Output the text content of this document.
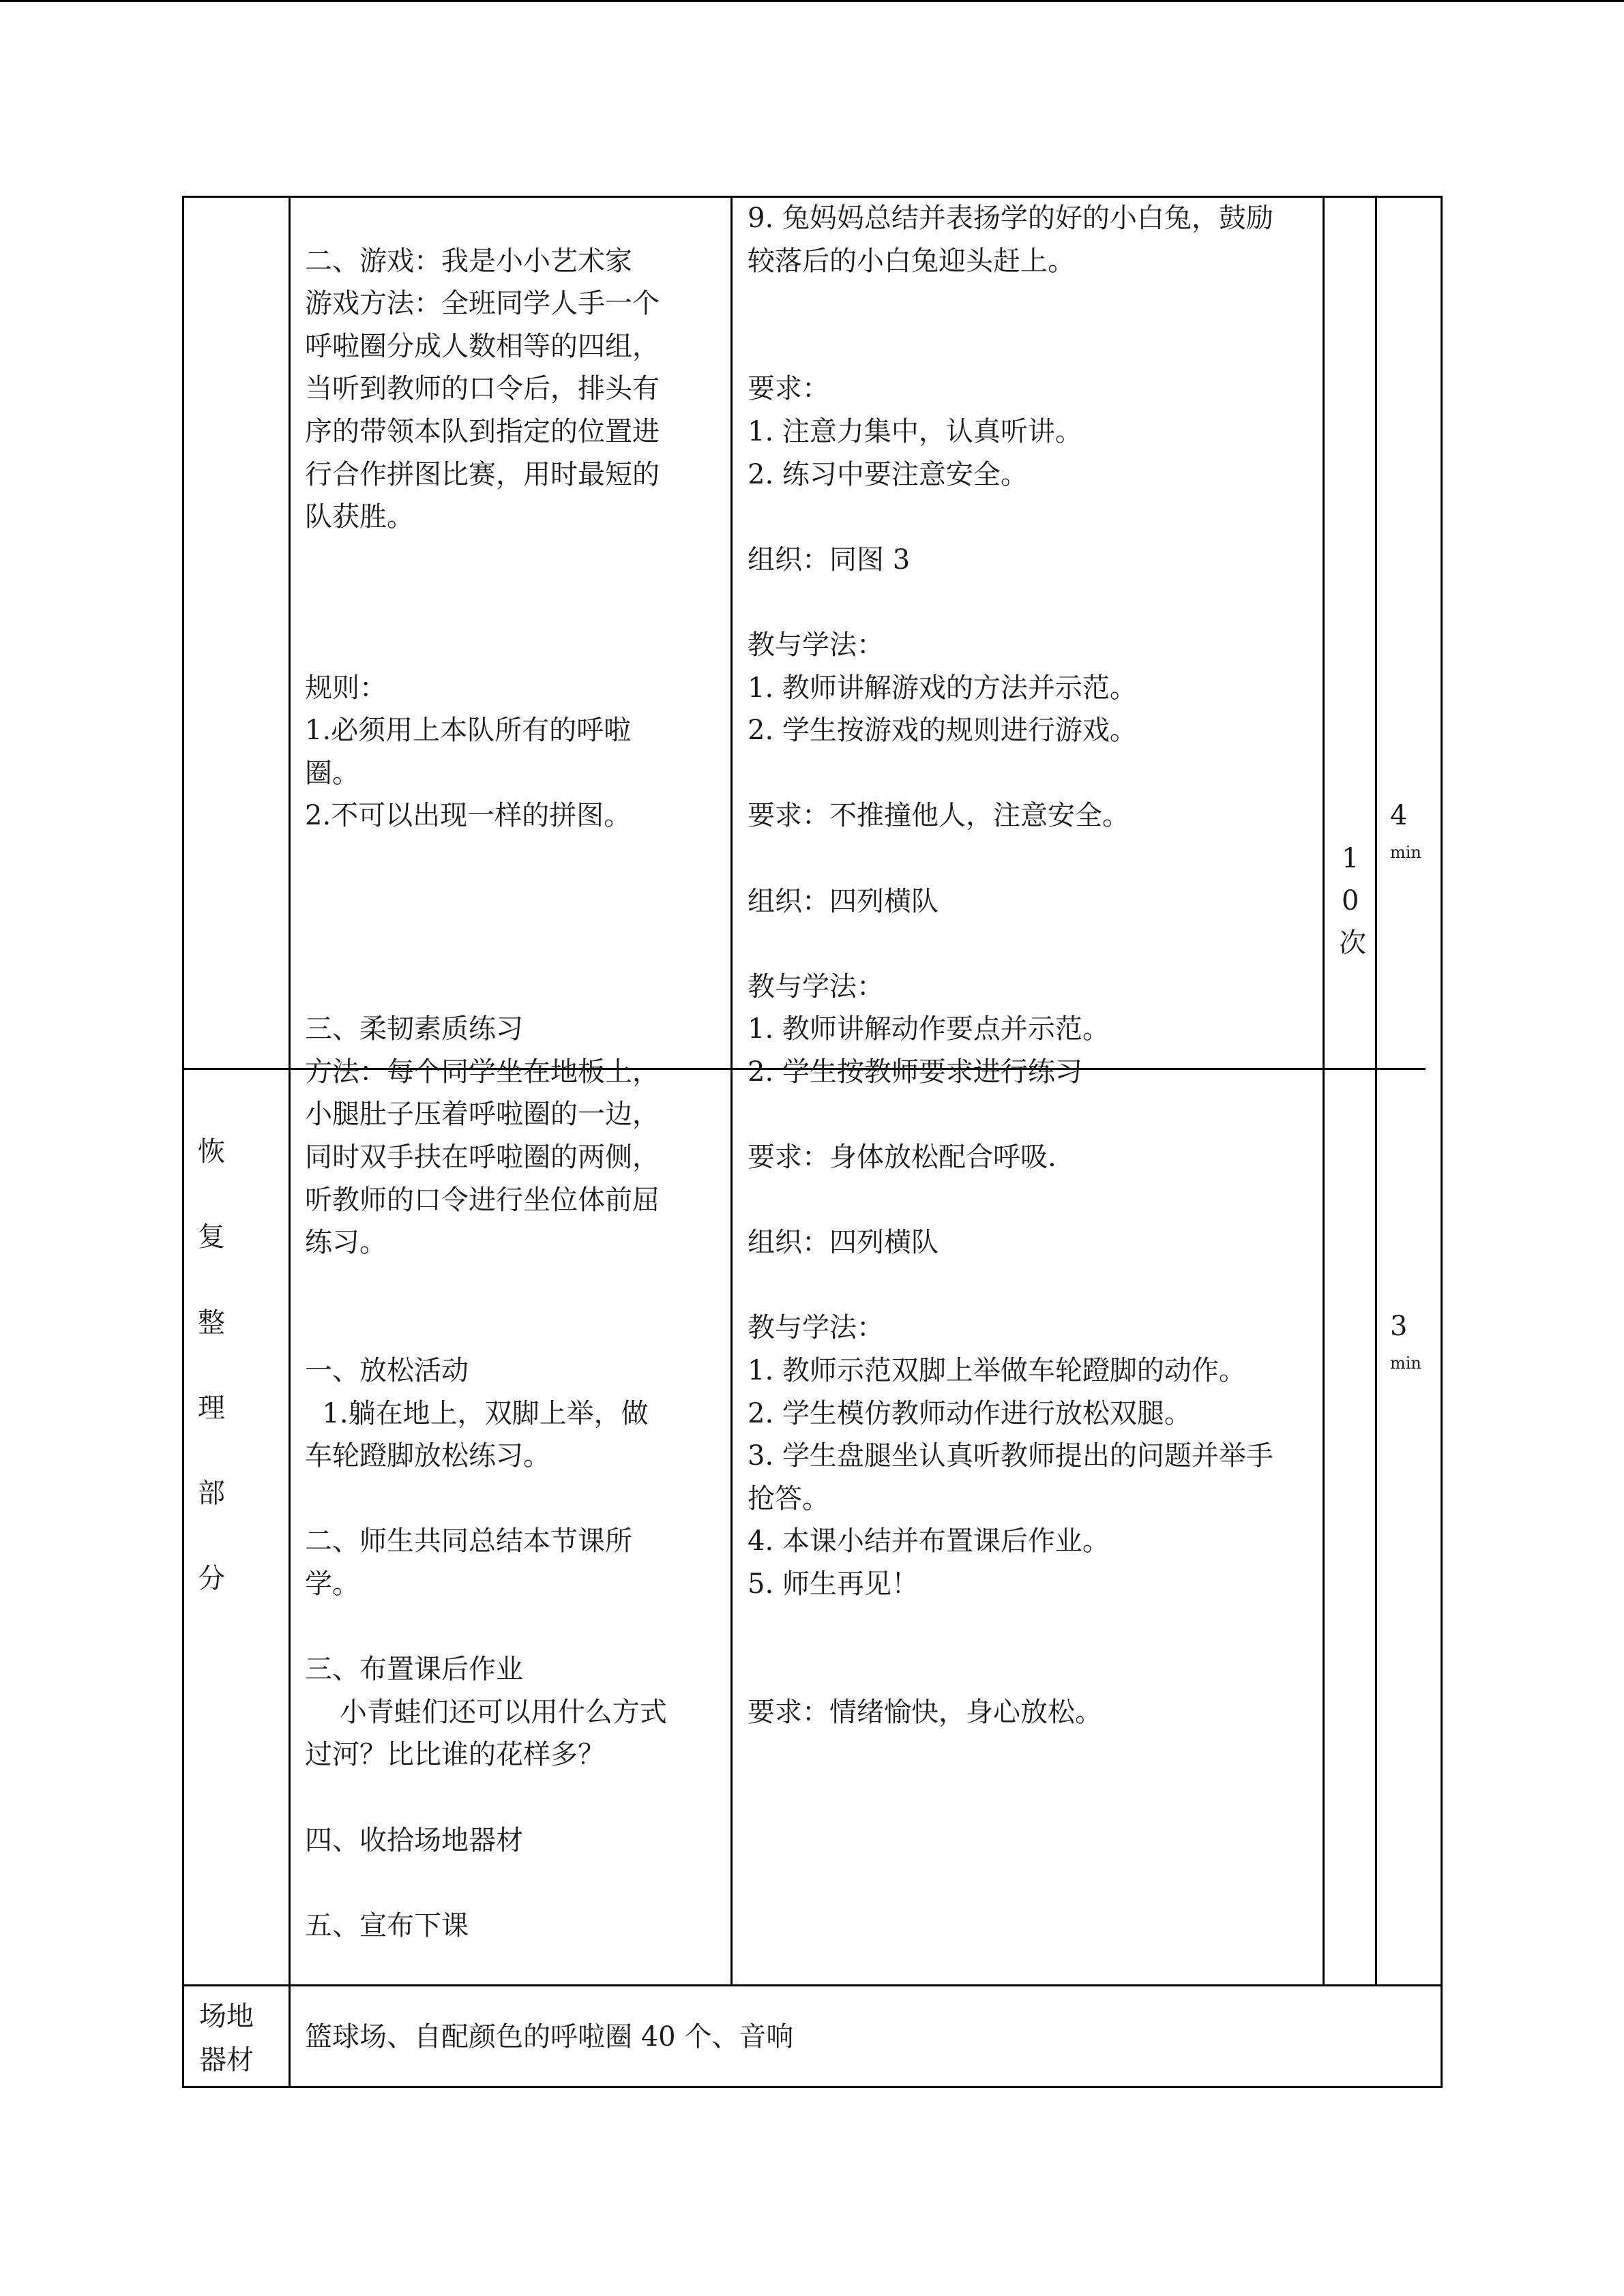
恢
复
整
理
部
分
二、游戏：我是小小艺术家
游戏方法：全班同学人手一个
呼啦圈分成人数相等的四组，
当听到教师的口令后，排头有
序的带领本队到指定的位置进
行合作拼图比赛，用时最短的
队获胜。
规则：
1.必须用上本队所有的呼啦
圈。
2.不可以出现一样的拼图。
三、柔韧素质练习
方法：每个同学坐在地板上，
小腿肚子压着呼啦圈的一边，
同时双手扶在呼啦圈的两侧，
听教师的口令进行坐位体前屈
练习。
一、放松活动
1.躺在地上，双脚上举，做
车轮蹬脚放松练习。
二、师生共同总结本节课所
学。
三、布置课后作业
小青蛙们还可以用什么方式
过河？比比谁的花样多？
四、收拾场地器材
五、宣布下课
9. 兔妈妈总结并表扬学的好的小白兔，鼓励
较落后的小白兔迎头赶上。
要求：
1. 注意力集中，认真听讲。
2. 练习中要注意安全。
组织：同图 3
教与学法：
1. 教师讲解游戏的方法并示范。
2. 学生按游戏的规则进行游戏。
要求：不推撞他人，注意安全。
组织：四列横队
教与学法：
1. 教师讲解动作要点并示范。
2. 学生按教师要求进行练习
要求：身体放松配合呼吸.
组织：四列横队
教与学法：
1. 教师示范双脚上举做车轮蹬脚的动作。
2. 学生模仿教师动作进行放松双腿。
3. 学生盘腿坐认真听教师提出的问题并举手
抢答。
4. 本课小结并布置课后作业。
5. 师生再见！
要求：情绪愉快，身心放松。
1
0
次
4
min
3
min
场地
器材
篮球场、自配颜色的呼啦圈 40 个、音响
